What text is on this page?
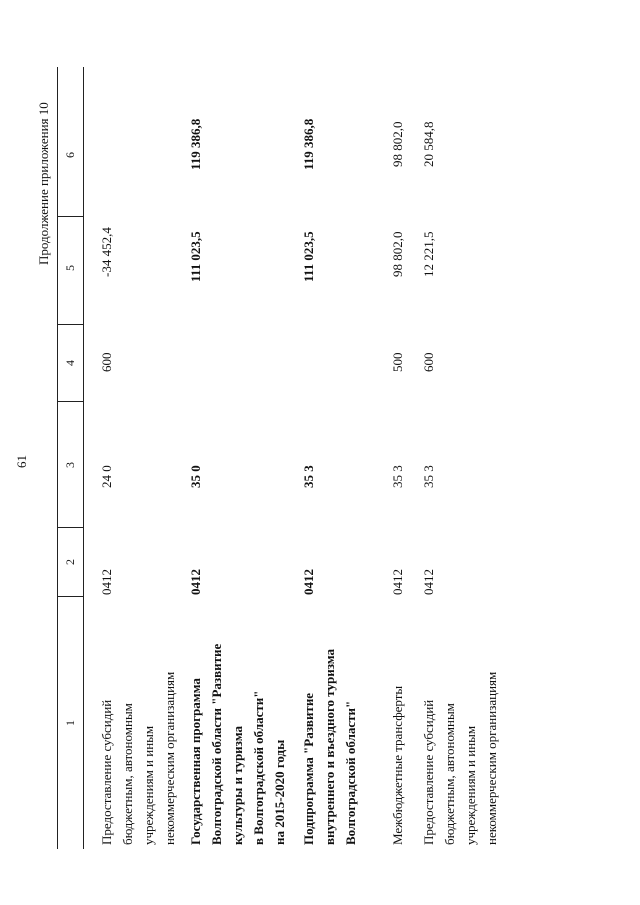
61
Продолжение приложения 10
1
2
3
4
5
6
Предоставление субсидий бюджетным, автономным учреждениям и иным некоммерческим организациям
0412
24 0
600
-34 452,4
Государственная программа Волгоградской области "Развитие культуры и туризма в Волгоградской области" на 2015-2020 годы
0412
35 0
111 023,5
119 386,8
Подпрограмма "Развитие внутреннего и въездного туризма Волгоградской области"
0412
35 3
111 023,5
119 386,8
Межбюджетные трансферты
0412
35 3
500
98 802,0
98 802,0
Предоставление субсидий бюджетным, автономным учреждениям и иным некоммерческим организациям
0412
35 3
600
12 221,5
20 584,8
